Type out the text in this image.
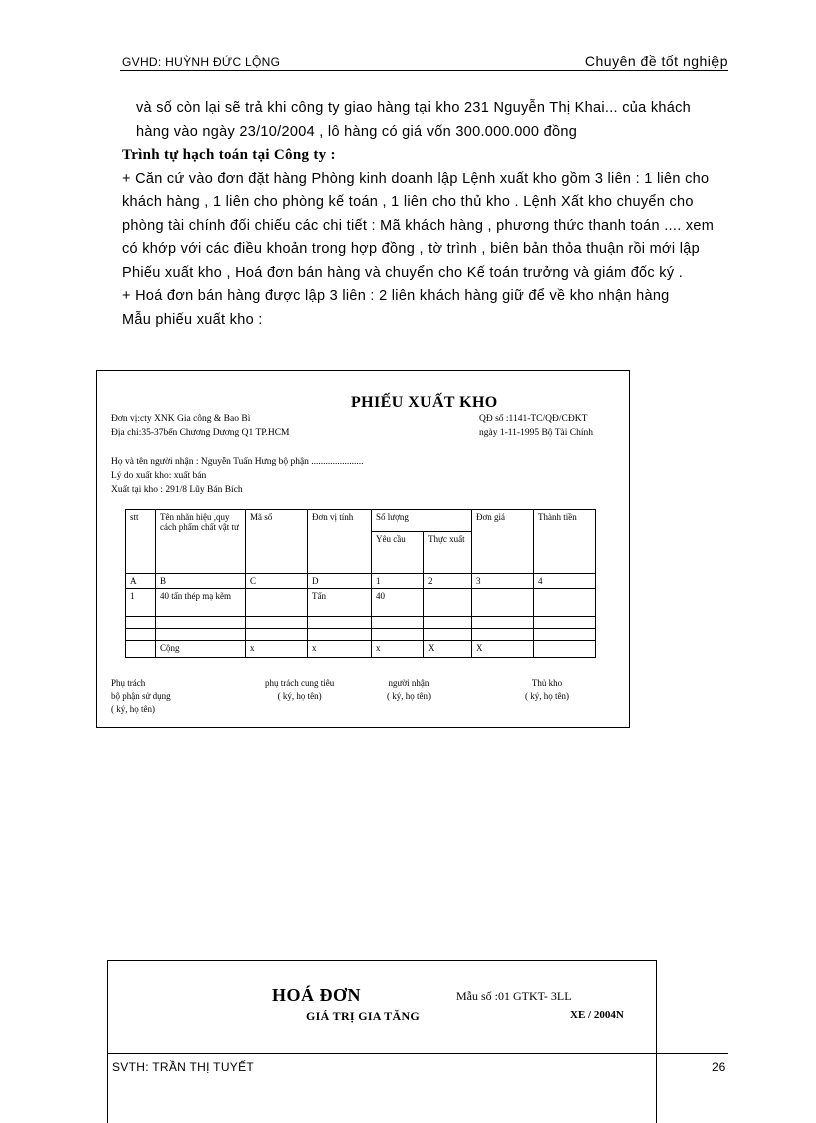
GVHD: HUỲNH ĐỨC LỘNG	Chuyên đề tốt nghiệp

và số còn lại sẽ trả khi công ty giao hàng tại kho 231 Nguyễn Thị Khai... của khách hàng vào ngày 23/10/2004 , lô hàng có giá vốn 300.000.000 đồng

Trình tự hạch toán tại Công ty :

+ Căn cứ vào đơn đặt hàng Phòng kinh doanh lập Lệnh xuất kho gồm 3 liên : 1 liên cho khách hàng , 1 liên cho phòng kế toán , 1 liên cho thủ kho . Lệnh Xất kho chuyển cho phòng tài chính đối chiếu các chi tiết : Mã khách hàng , phương thức thanh toán .... xem có khớp với các điều khoản trong hợp đồng , tờ trình , biên bản thỏa thuận rồi mới lập Phiếu xuất kho , Hoá đơn bán hàng và chuyển cho Kế toán trưởng và giám đốc ký .

+ Hoá đơn bán hàng được lập 3 liên : 2 liên khách hàng giữ để về kho nhận hàng

Mẫu phiếu xuất kho :

PHIẾU XUẤT KHO
Đơn vị:cty XNK Gia công & Bao Bì
Địa chỉ:35-37bến Chương Dương Q1 TP.HCM
QĐ số :1141-TC/QĐ/CĐKT
ngày 1-11-1995 Bộ Tài Chính
Họ và tên người nhận : Nguyễn Tuấn Hưng bộ phận ......................
Lý do xuất kho: xuất bán
Xuất tại kho : 291/8 Lũy Bán Bích
stt	Tên nhãn hiệu ,quy cách phẩm chất vật tư	Mã số	Đơn vị tính	Số lượng		Đơn giá	Thành tiền
				Yêu cầu	Thực xuất		
A	B	C	D	1	2	3	4
1	40 tấn thép mạ kẽm		Tấn	40			

	Cộng	x	x	x	X	X	
Phụ trách
bộ phận sử dụng
( ký, họ tên)
phụ trách cung tiêu
( ký, họ tên)
người nhận
( ký, họ tên)
Thủ kho
( ký, họ tên)
HOÁ ĐƠN
GIÁ TRỊ GIA TĂNG
Mẫu số :01 GTKT- 3LL
XE / 2004N
SVTH: TRẦN THỊ TUYẾT	26
